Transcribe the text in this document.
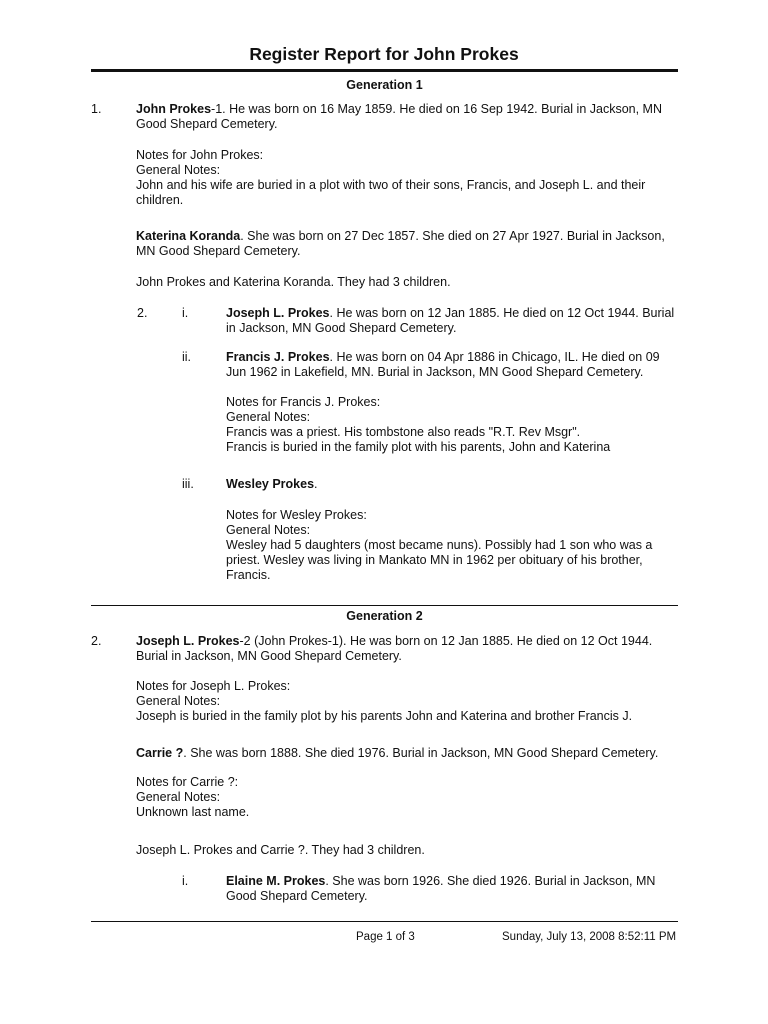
Register Report for John Prokes
Generation 1
1.	John Prokes-1. He was born on 16 May 1859. He died on 16 Sep 1942. Burial in Jackson, MN Good Shepard Cemetery.
Notes for John Prokes:
General Notes:
John and his wife are buried in a plot with two of their sons, Francis, and Joseph L. and their children.
Katerina Koranda. She was born on 27 Dec 1857. She died on 27 Apr 1927. Burial in Jackson, MN Good Shepard Cemetery.
John Prokes and Katerina Koranda. They had 3 children.
2.	i.	Joseph L. Prokes. He was born on 12 Jan 1885. He died on 12 Oct 1944. Burial in Jackson, MN Good Shepard Cemetery.
ii.	Francis J. Prokes. He was born on 04 Apr 1886 in Chicago, IL. He died on 09 Jun 1962 in Lakefield, MN. Burial in Jackson, MN Good Shepard Cemetery.
Notes for Francis J. Prokes:
General Notes:
Francis was a priest. His tombstone also reads "R.T. Rev Msgr".
Francis is buried in the family plot with his parents, John and Katerina
iii.	Wesley Prokes.
Notes for Wesley Prokes:
General Notes:
Wesley had 5 daughters (most became nuns). Possibly had 1 son who was a priest. Wesley was living in Mankato MN in 1962 per obituary of his brother, Francis.
Generation 2
2.	Joseph L. Prokes-2 (John Prokes-1). He was born on 12 Jan 1885. He died on 12 Oct 1944. Burial in Jackson, MN Good Shepard Cemetery.
Notes for Joseph L. Prokes:
General Notes:
Joseph is buried in the family plot by his parents John and Katerina and brother Francis J.
Carrie ?. She was born 1888. She died 1976. Burial in Jackson, MN Good Shepard Cemetery.
Notes for Carrie ?:
General Notes:
Unknown last name.
Joseph L. Prokes and Carrie ?. They had 3 children.
i.	Elaine M. Prokes. She was born 1926. She died 1926. Burial in Jackson, MN Good Shepard Cemetery.
Page 1 of 3	Sunday, July 13, 2008 8:52:11 PM
